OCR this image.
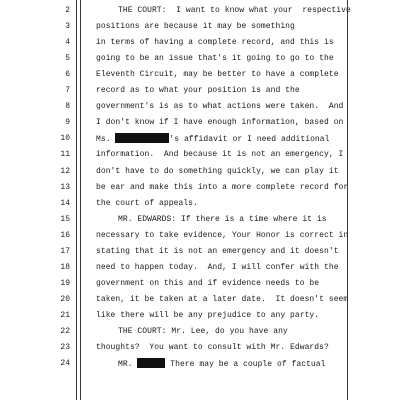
2	THE COURT:  I want to know what your  respective
3	positions are because it may be something
4	in terms of having a complete record, and this is
5	going to be an issue that's it going to go to the
6	Eleventh Circuit, may be better to have a complete
7	record as to what your position is and the
8	government's is as to what actions were taken.  And
9	I don't know if I have enough information, based on
10	Ms.	's affidavit or I need additional
11	information.  And because it is not an emergency, I
12	don't have to do something quickly, we can play it
13	be ear and make this into a more complete record for
14	the court of appeals.
15	MR. EDWARDS: If there is a time where it is
16	necessary to take evidence, Your Honor is correct in
17	stating that it is not an emergency and it doesn't
18	need to happen today.  And, I will confer with the
19	government on this and if evidence needs to be
20	taken, it be taken at a later date.  It doesn't seem
21	like there will be any prejudice to any party.
22	THE COURT: Mr. Lee, do you have any
23	thoughts?  You want to consult with Mr. Edwards?
24	MR.	There may be a couple of factual
